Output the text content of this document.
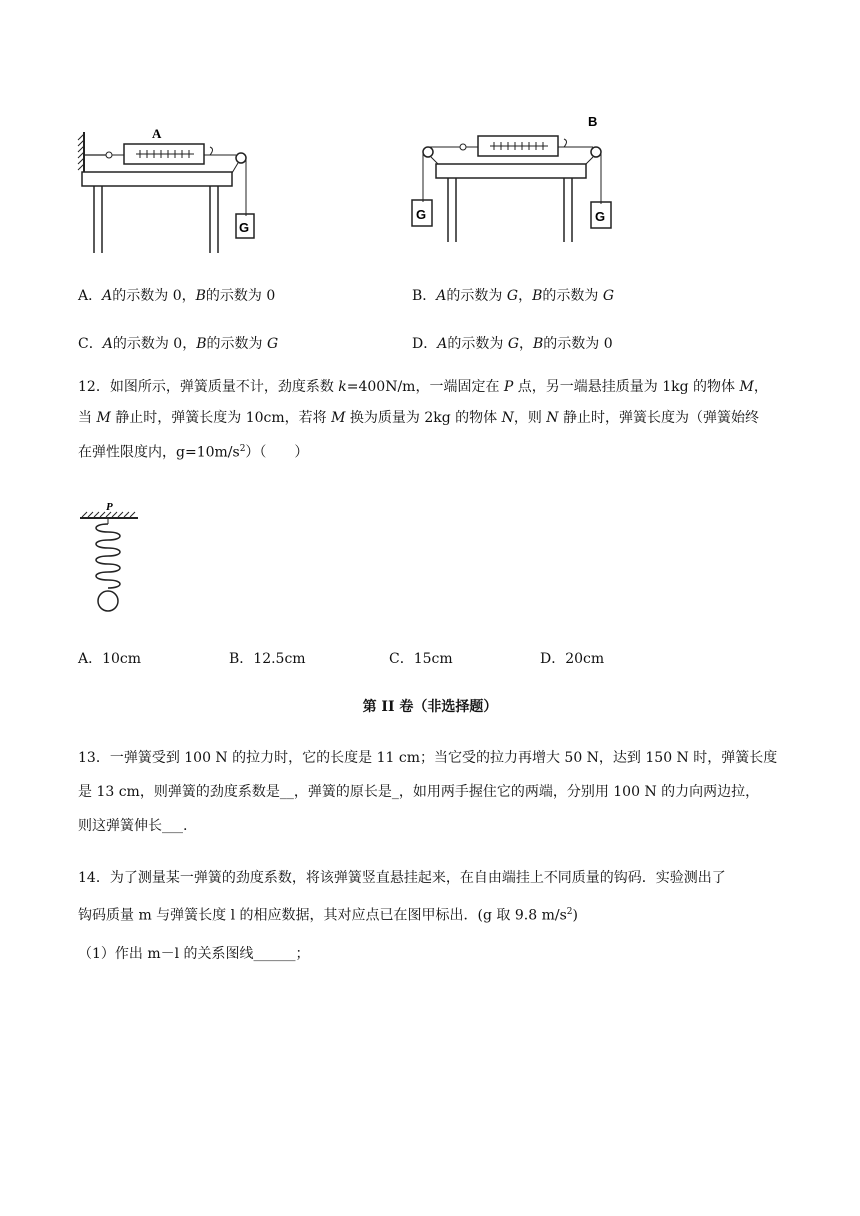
A
G
B
G	G
A．A的示数为 0，B的示数为 0	B．A的示数为 G，B的示数为 G
C．A的示数为 0，B的示数为 G	D．A的示数为 G，B的示数为 0
12．如图所示，弹簧质量不计，劲度系数 k=400N/m，一端固定在 P 点，另一端悬挂质量为 1kg 的物体 M，
当 M 静止时，弹簧长度为 10cm，若将 M 换为质量为 2kg 的物体 N，则 N 静止时，弹簧长度为（弹簧始终
在弹性限度内，$g=10m/s^2$）（　　）
P
A．10cm	B．12.5cm	C．15cm	D．20cm
第 II 卷（非选择题）
13．一弹簧受到 100 N 的拉力时，它的长度是 11 cm；当它受的拉力再增大 50 N，达到 150 N 时，弹簧长度
是 13 cm，则弹簧的劲度系数是__，弹簧的原长是_，如用两手握住它的两端，分别用 100 N 的力向两边拉，
则这弹簧伸长___.
14．为了测量某一弹簧的劲度系数，将该弹簧竖直悬挂起来，在自由端挂上不同质量的钩码．实验测出了
钩码质量 m 与弹簧长度 l 的相应数据，其对应点已在图甲标出．(g 取 9.8 $m/s^2$)
（1）作出 m－l 的关系图线______；
